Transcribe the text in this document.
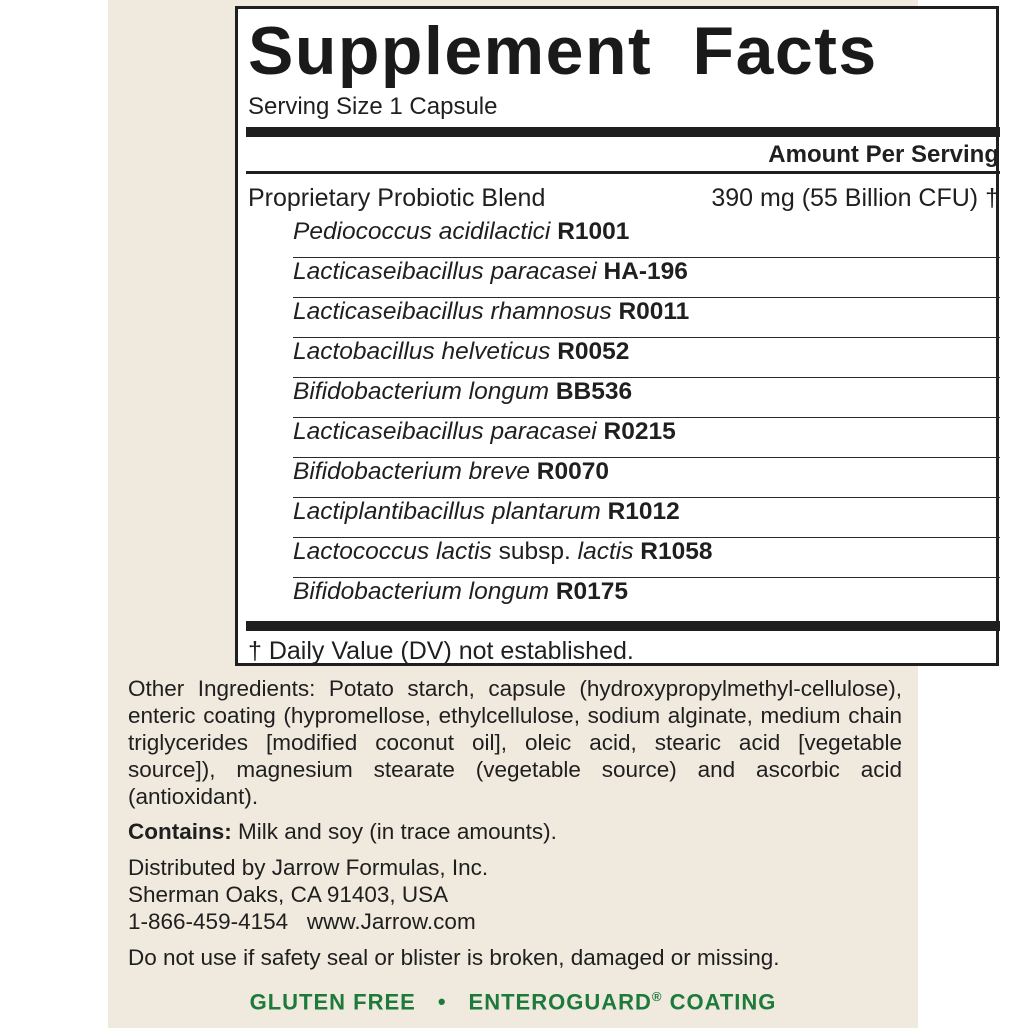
Supplement Facts
Serving Size 1 Capsule
Amount Per Serving
Proprietary Probiotic Blend	390 mg (55 Billion CFU) †
Pediococcus acidilactici R1001
Lacticaseibacillus paracasei HA-196
Lacticaseibacillus rhamnosus R0011
Lactobacillus helveticus R0052
Bifidobacterium longum BB536
Lacticaseibacillus paracasei R0215
Bifidobacterium breve R0070
Lactiplantibacillus plantarum R1012
Lactococcus lactis subsp. lactis R1058
Bifidobacterium longum R0175
† Daily Value (DV) not established.
Other Ingredients: Potato starch, capsule (hydroxypropylmethyl-cellulose), enteric coating (hypromellose, ethylcellulose, sodium alginate, medium chain triglycerides [modified coconut oil], oleic acid, stearic acid [vegetable source]), magnesium stearate (vegetable source) and ascorbic acid (antioxidant).
Contains: Milk and soy (in trace amounts).
Distributed by Jarrow Formulas, Inc.
Sherman Oaks, CA 91403, USA
1-866-459-4154 www.Jarrow.com
Do not use if safety seal or blister is broken, damaged or missing.
GLUTEN FREE • ENTEROGUARD® COATING
